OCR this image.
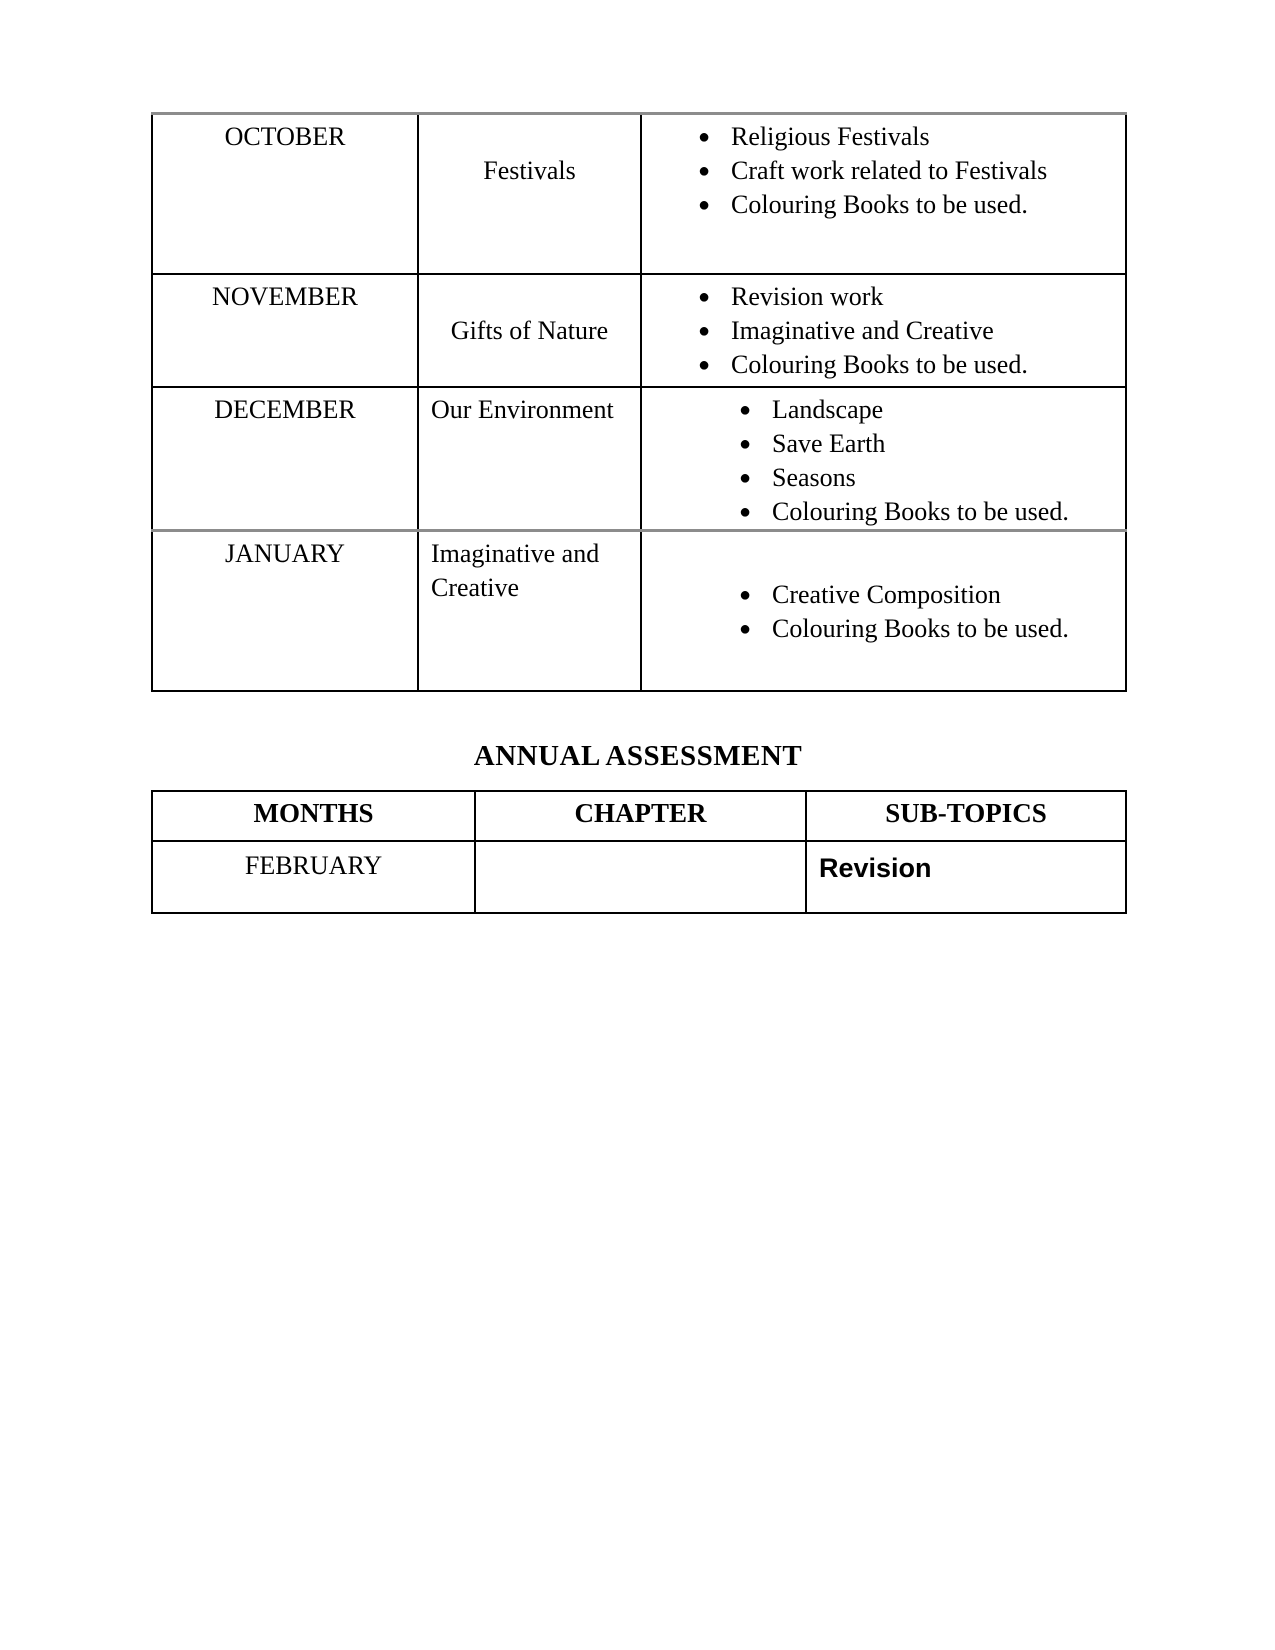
OCTOBER	Festivals	
● Religious Festivals
● Craft work related to Festivals
● Colouring Books to be used.

NOVEMBER	Gifts of Nature	
● Revision work
● Imaginative and Creative
● Colouring Books to be used.

DECEMBER	Our Environment	● Landscape
● Save Earth
● Seasons
● Colouring Books to be used.

JANUARY	Imaginative and Creative	● Creative Composition
● Colouring Books to be used.
ANNUAL ASSESSMENT
MONTHS	CHAPTER	SUB-TOPICS
FEBRUARY		Revision
